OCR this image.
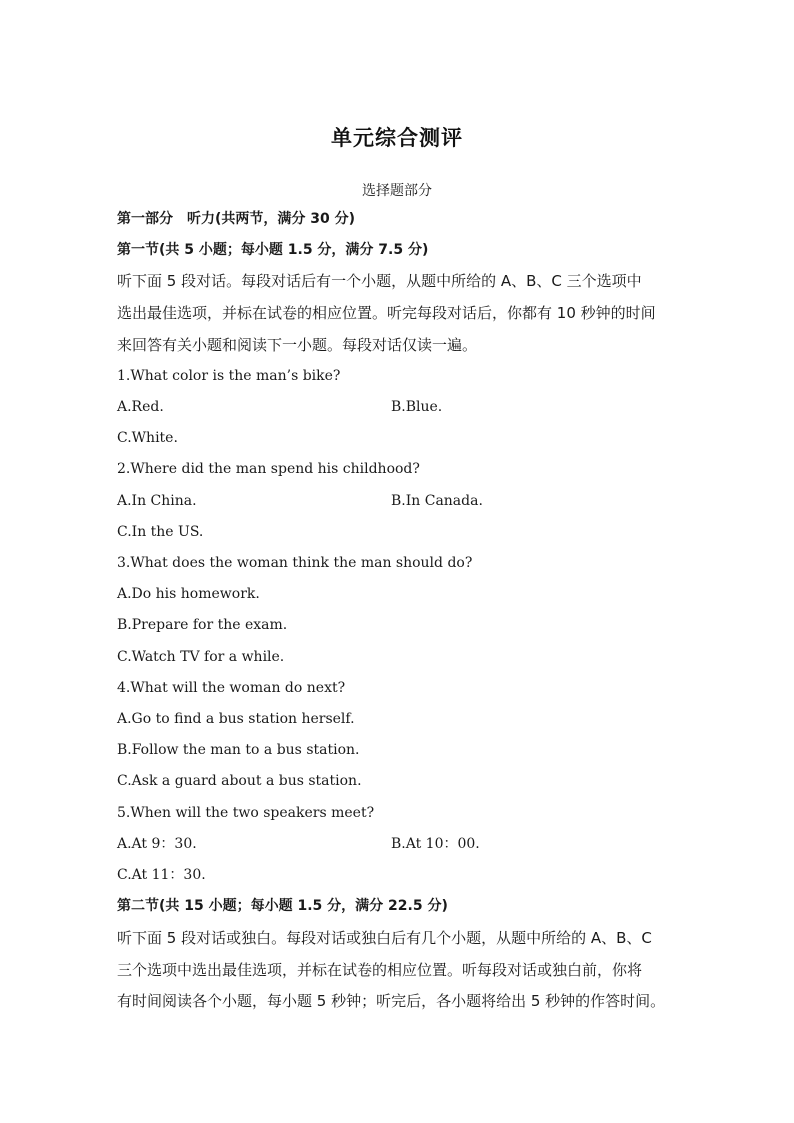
单元综合测评
选择题部分
第一部分　听力(共两节，满分 30 分)
第一节(共 5 小题；每小题 1.5 分，满分 7.5 分)
听下面 5 段对话。每段对话后有一个小题，从题中所给的 A、B、C 三个选项中
选出最佳选项，并标在试卷的相应位置。听完每段对话后，你都有 10 秒钟的时间
来回答有关小题和阅读下一小题。每段对话仅读一遍。
1.What color is the man’s bike?
A.Red.	B.Blue.
C.White.
2.Where did the man spend his childhood?
A.In China.	B.In Canada.
C.In the US.
3.What does the woman think the man should do?
A.Do his homework.
B.Prepare for the exam.
C.Watch TV for a while.
4.What will the woman do next?
A.Go to find a bus station herself.
B.Follow the man to a bus station.
C.Ask a guard about a bus station.
5.When will the two speakers meet?
A.At 9：30.	B.At 10：00.
C.At 11：30.
第二节(共 15 小题；每小题 1.5 分，满分 22.5 分)
听下面 5 段对话或独白。每段对话或独白后有几个小题，从题中所给的 A、B、C
三个选项中选出最佳选项，并标在试卷的相应位置。听每段对话或独白前，你将
有时间阅读各个小题，每小题 5 秒钟；听完后，各小题将给出 5 秒钟的作答时间。
